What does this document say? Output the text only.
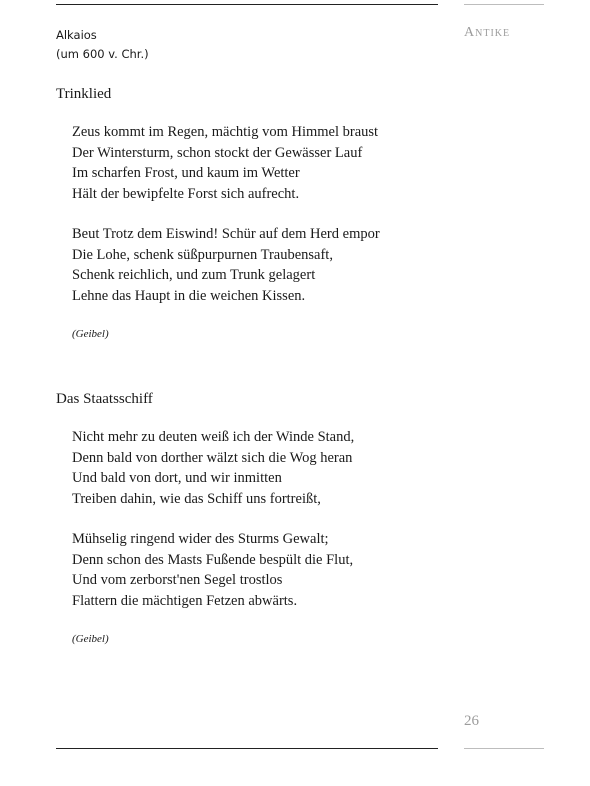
Alkaios
(um 600 v. Chr.)
Antike

Trinklied

Zeus kommt im Regen, mächtig vom Himmel braust
Der Wintersturm, schon stockt der Gewässer Lauf
Im scharfen Frost, und kaum im Wetter
Hält der bewipfelte Forst sich aufrecht.
Beut Trotz dem Eiswind! Schür auf dem Herd empor
Die Lohe, schenk süßpurpurnen Traubensaft,
Schenk reichlich, und zum Trunk gelagert
Lehne das Haupt in die weichen Kissen.
(Geibel)

Das Staatsschiff

Nicht mehr zu deuten weiß ich der Winde Stand,
Denn bald von dorther wälzt sich die Wog heran
Und bald von dort, und wir inmitten
Treiben dahin, wie das Schiff uns fortreißt,
Mühselig ringend wider des Sturms Gewalt;
Denn schon des Masts Fußende bespült die Flut,
Und vom zerborst'nen Segel trostlos
Flattern die mächtigen Fetzen abwärts.
(Geibel)
26
